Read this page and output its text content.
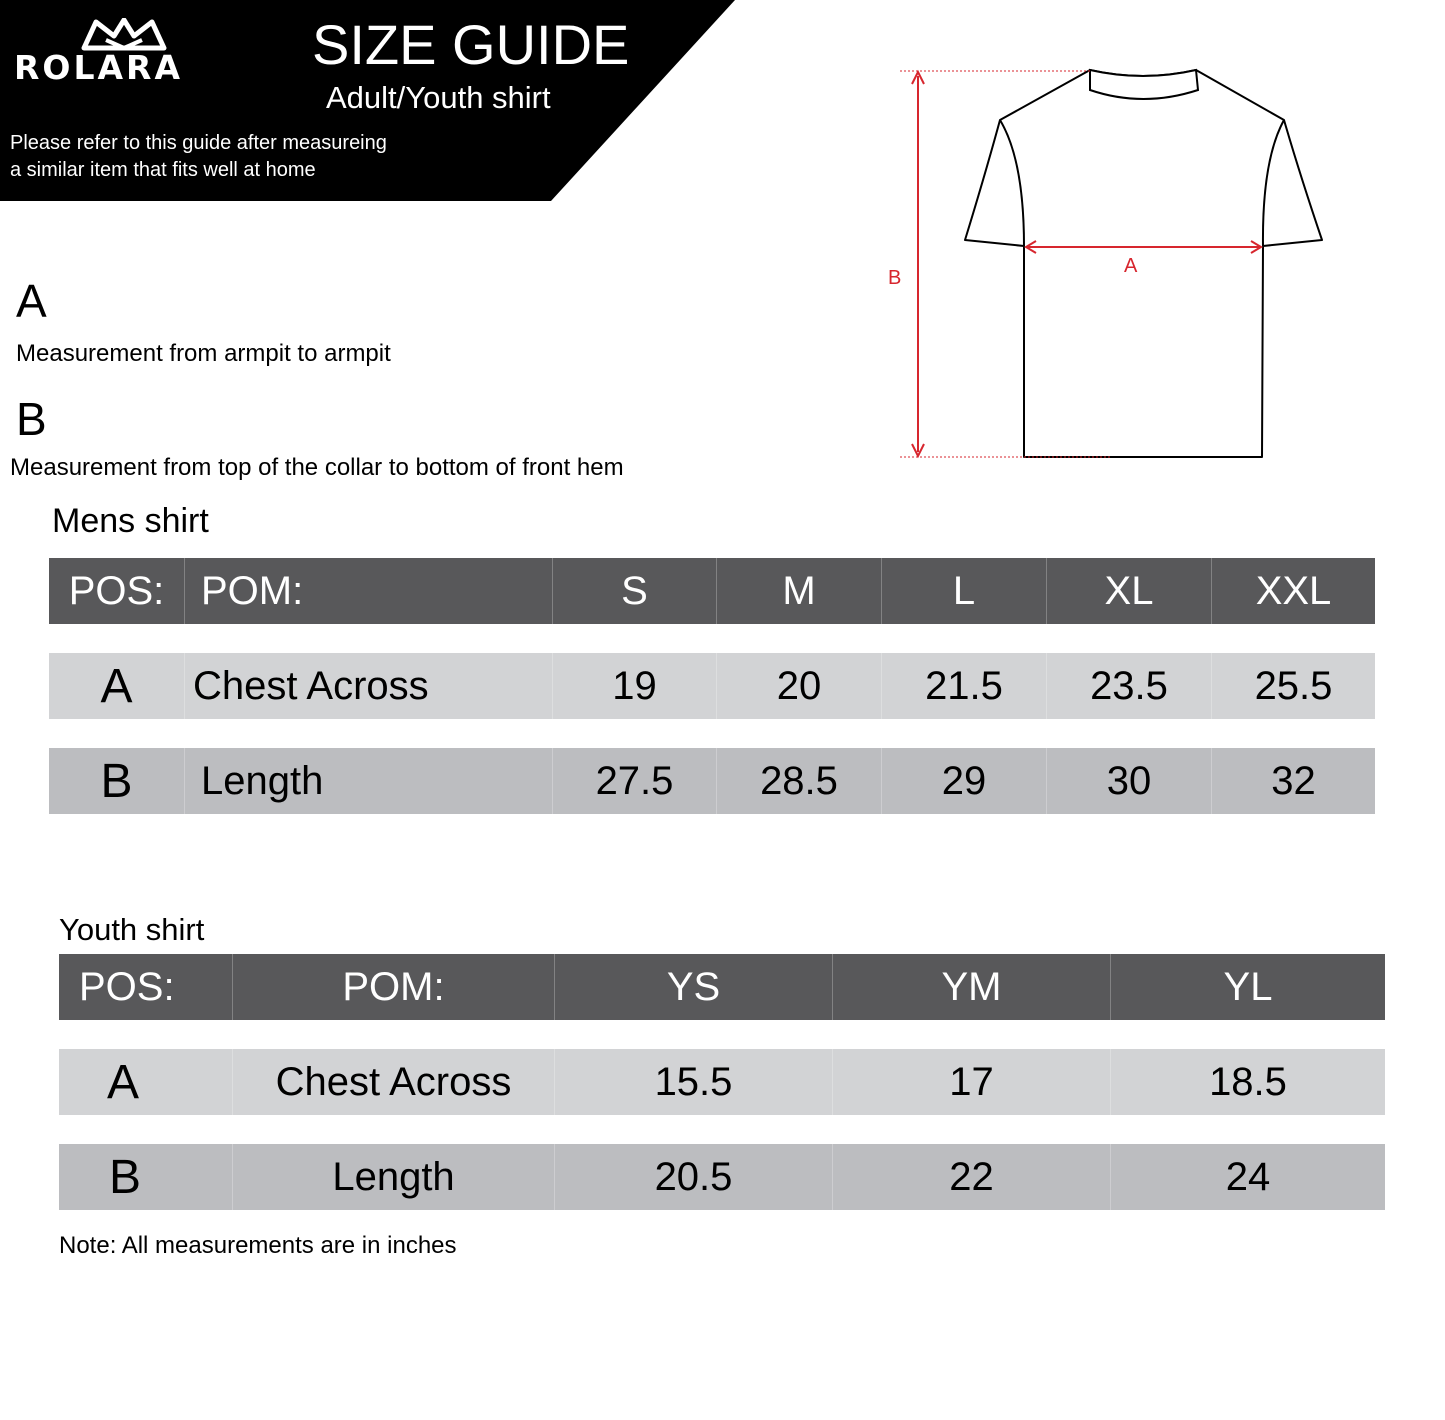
ROLARA SIZE GUIDE
Adult/Youth shirt
Please refer to this guide after measureing
a similar item that fits well at home
A
Measurement from armpit to armpit
B
Measurement from top of the collar to bottom of front hem
A
B
Mens shirt
POS: POM:	S	M	L	XL	XXL
A	Chest Across	19	20	21.5	23.5	25.5
B	Length	27.5	28.5	29	30	32
Youth shirt
POS:	POM:	YS	YM	YL
A	Chest Across	15.5	17	18.5
B	Length	20.5	22	24
Note: All measurements are in inches
